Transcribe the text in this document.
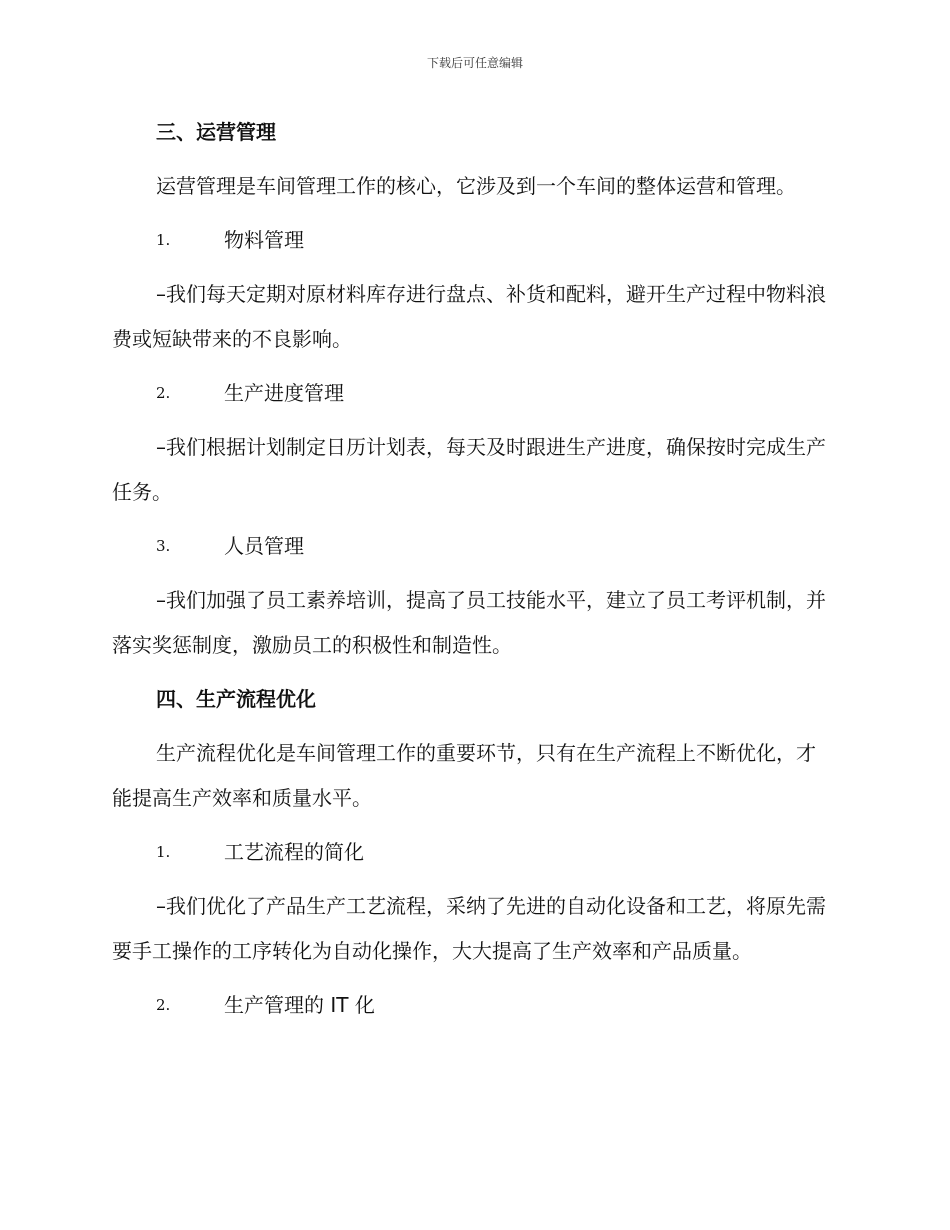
下载后可任意编辑
三、运营管理

运营管理是车间管理工作的核心，它涉及到一个车间的整体运营和管理。

1.	物料管理

–我们每天定期对原材料库存进行盘点、补货和配料，避开生产过程中物料浪费或短缺带来的不良影响。

2.	生产进度管理

–我们根据计划制定日历计划表，每天及时跟进生产进度，确保按时完成生产任务。

3.	人员管理

–我们加强了员工素养培训，提高了员工技能水平，建立了员工考评机制，并落实奖惩制度，激励员工的积极性和制造性。

四、生产流程优化

生产流程优化是车间管理工作的重要环节，只有在生产流程上不断优化，才能提高生产效率和质量水平。

1.	工艺流程的简化

–我们优化了产品生产工艺流程，采纳了先进的自动化设备和工艺，将原先需要手工操作的工序转化为自动化操作，大大提高了生产效率和产品质量。

2.	生产管理的 IT 化
